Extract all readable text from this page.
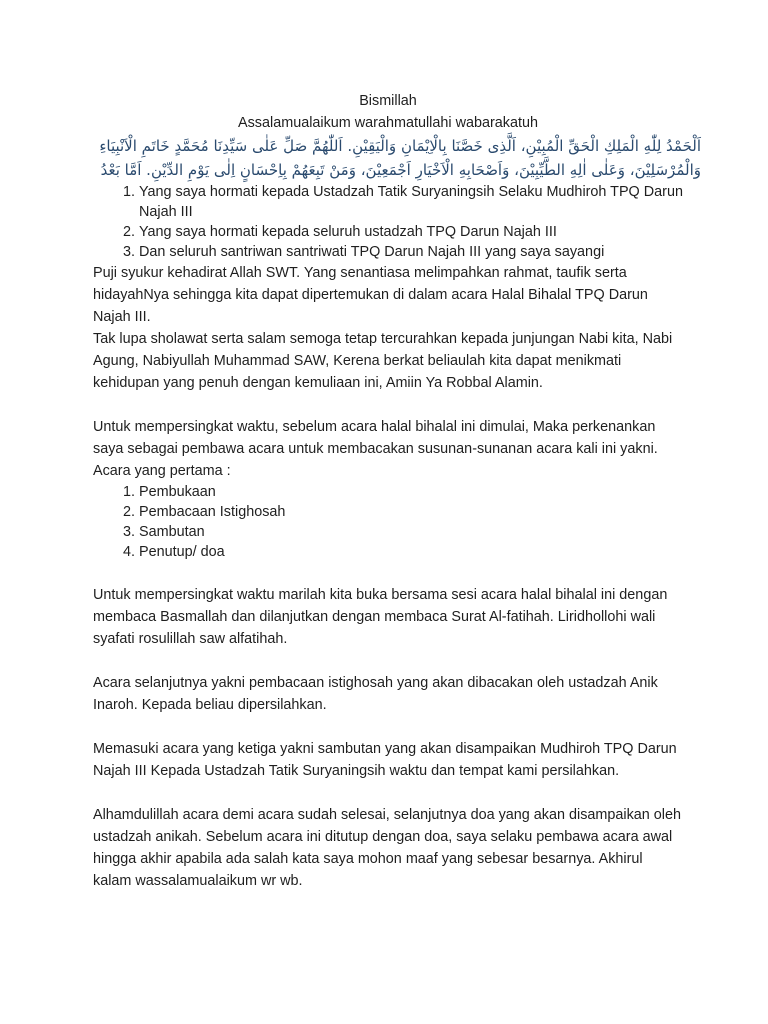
Bismillah

Assalamualaikum warahmatullahi wabarakatuh

اَلْحَمْدُ لِلّٰهِ الْمَلِكِ الْحَقِّ الْمُبِيْنِ، اَلَّذِى خَصَّنَا بِالْاِيْمَانِ وَالْيَقِيْنِ. اَللّٰهُمَّ صَلِّ عَلٰى سَيِّدِنَا مُحَمَّدٍ خَاتَمِ الْاَنْبِيَاءِ وَالْمُرْسَلِيْنَ، وَعَلٰى اٰلِهِ الطَّيِّبِيْنَ، وَاَصْحَابِهِ الْاَخْيَارِ اَجْمَعِيْنَ، وَمَنْ تَبِعَهُمْ بِاِحْسَانٍ اِلٰى يَوْمِ الدِّيْنِ. اَمَّا بَعْدُ

1. Yang saya hormati kepada Ustadzah Tatik Suryaningsih Selaku Mudhiroh TPQ Darun Najah III
2. Yang saya hormati kepada seluruh ustadzah TPQ Darun Najah III
3. Dan seluruh santriwan santriwati TPQ Darun Najah III yang saya sayangi

Puji syukur kehadirat Allah SWT. Yang senantiasa melimpahkan rahmat, taufik serta hidayahNya sehingga kita dapat dipertemukan di dalam acara Halal Bihalal TPQ Darun Najah III.

Tak lupa sholawat serta salam semoga tetap tercurahkan kepada junjungan Nabi kita, Nabi Agung, Nabiyullah Muhammad SAW, Kerena berkat beliaulah kita dapat menikmati kehidupan yang penuh dengan kemuliaan ini, Amiin Ya Robbal Alamin.

Untuk mempersingkat waktu, sebelum acara halal bihalal ini dimulai, Maka perkenankan saya sebagai pembawa acara untuk membacakan susunan-sunanan acara kali ini yakni.

Acara yang pertama :

1. Pembukaan
2. Pembacaan Istighosah
3. Sambutan
4. Penutup/ doa

Untuk mempersingkat waktu marilah kita buka bersama sesi acara halal bihalal ini dengan membaca Basmallah dan dilanjutkan dengan membaca Surat Al-fatihah. Liridhollohi wali syafati rosulillah saw alfatihah.

Acara selanjutnya yakni pembacaan istighosah yang akan dibacakan oleh ustadzah Anik Inaroh. Kepada beliau dipersilahkan.

Memasuki acara yang ketiga yakni sambutan yang akan disampaikan Mudhiroh TPQ Darun Najah III Kepada Ustadzah Tatik Suryaningsih waktu dan tempat kami persilahkan.

Alhamdulillah acara demi acara sudah selesai, selanjutnya doa yang akan disampaikan oleh ustadzah anikah. Sebelum acara ini ditutup dengan doa, saya selaku pembawa acara awal hingga akhir apabila ada salah kata saya mohon maaf yang sebesar besarnya. Akhirul kalam wassalamualaikum wr wb.
